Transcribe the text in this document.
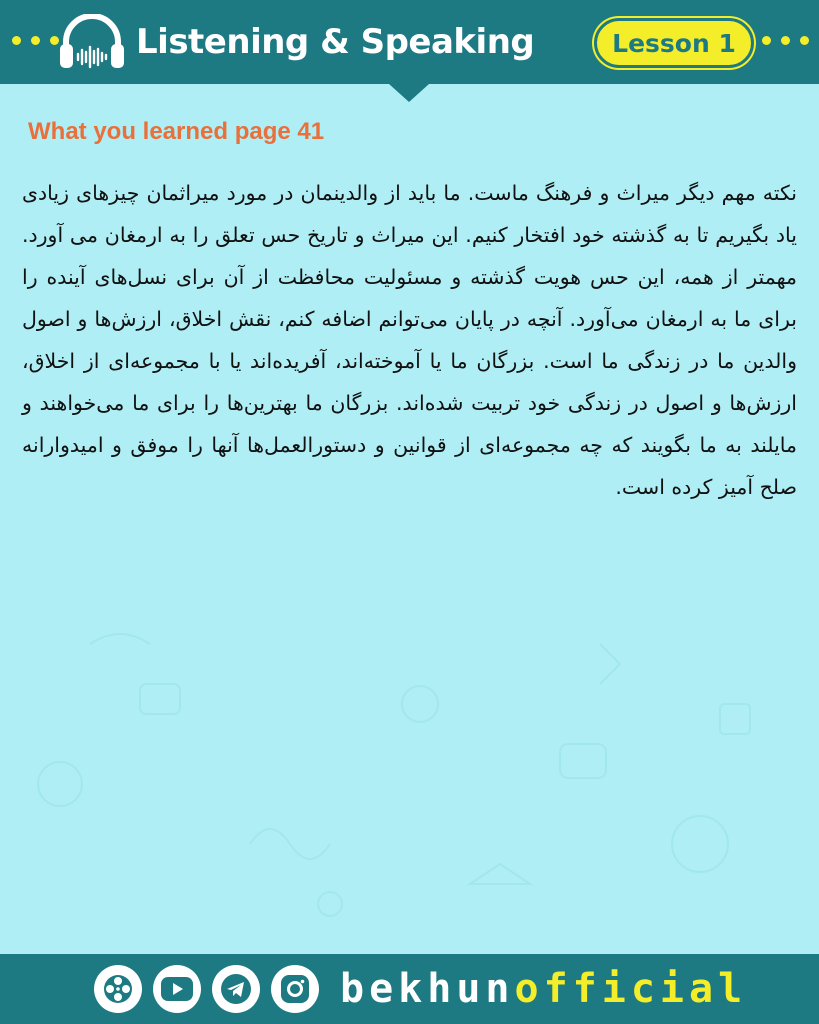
Listening & Speaking	Lesson 1
What you learned page 41

نکته مهم دیگر میراث و فرهنگ ماست. ما باید از والدینمان در مورد میراثمان چیزهای زیادی یاد بگیریم تا به گذشته خود افتخار کنیم. این میراث و تاریخ حس تعلق را به ارمغان می آورد. مهمتر از همه، این حس هویت گذشته و مسئولیت محافظت از آن برای نسل‌های آینده را برای ما به ارمغان می‌آورد. آنچه در پایان می‌توانم اضافه کنم، نقش اخلاق، ارزش‌ها و اصول والدین ما در زندگی ما است. بزرگان ما یا آموخته‌اند، آفریده‌اند یا با مجموعه‌ای از اخلاق، ارزش‌ها و اصول در زندگی خود تربیت شده‌اند. بزرگان ما بهترین‌ها را برای ما می‌خواهند و مایلند به ما بگویند که چه مجموعه‌ای از قوانین و دستورالعمل‌ها آنها را موفق و امیدوارانه صلح آمیز کرده است.

bekhunofficial
